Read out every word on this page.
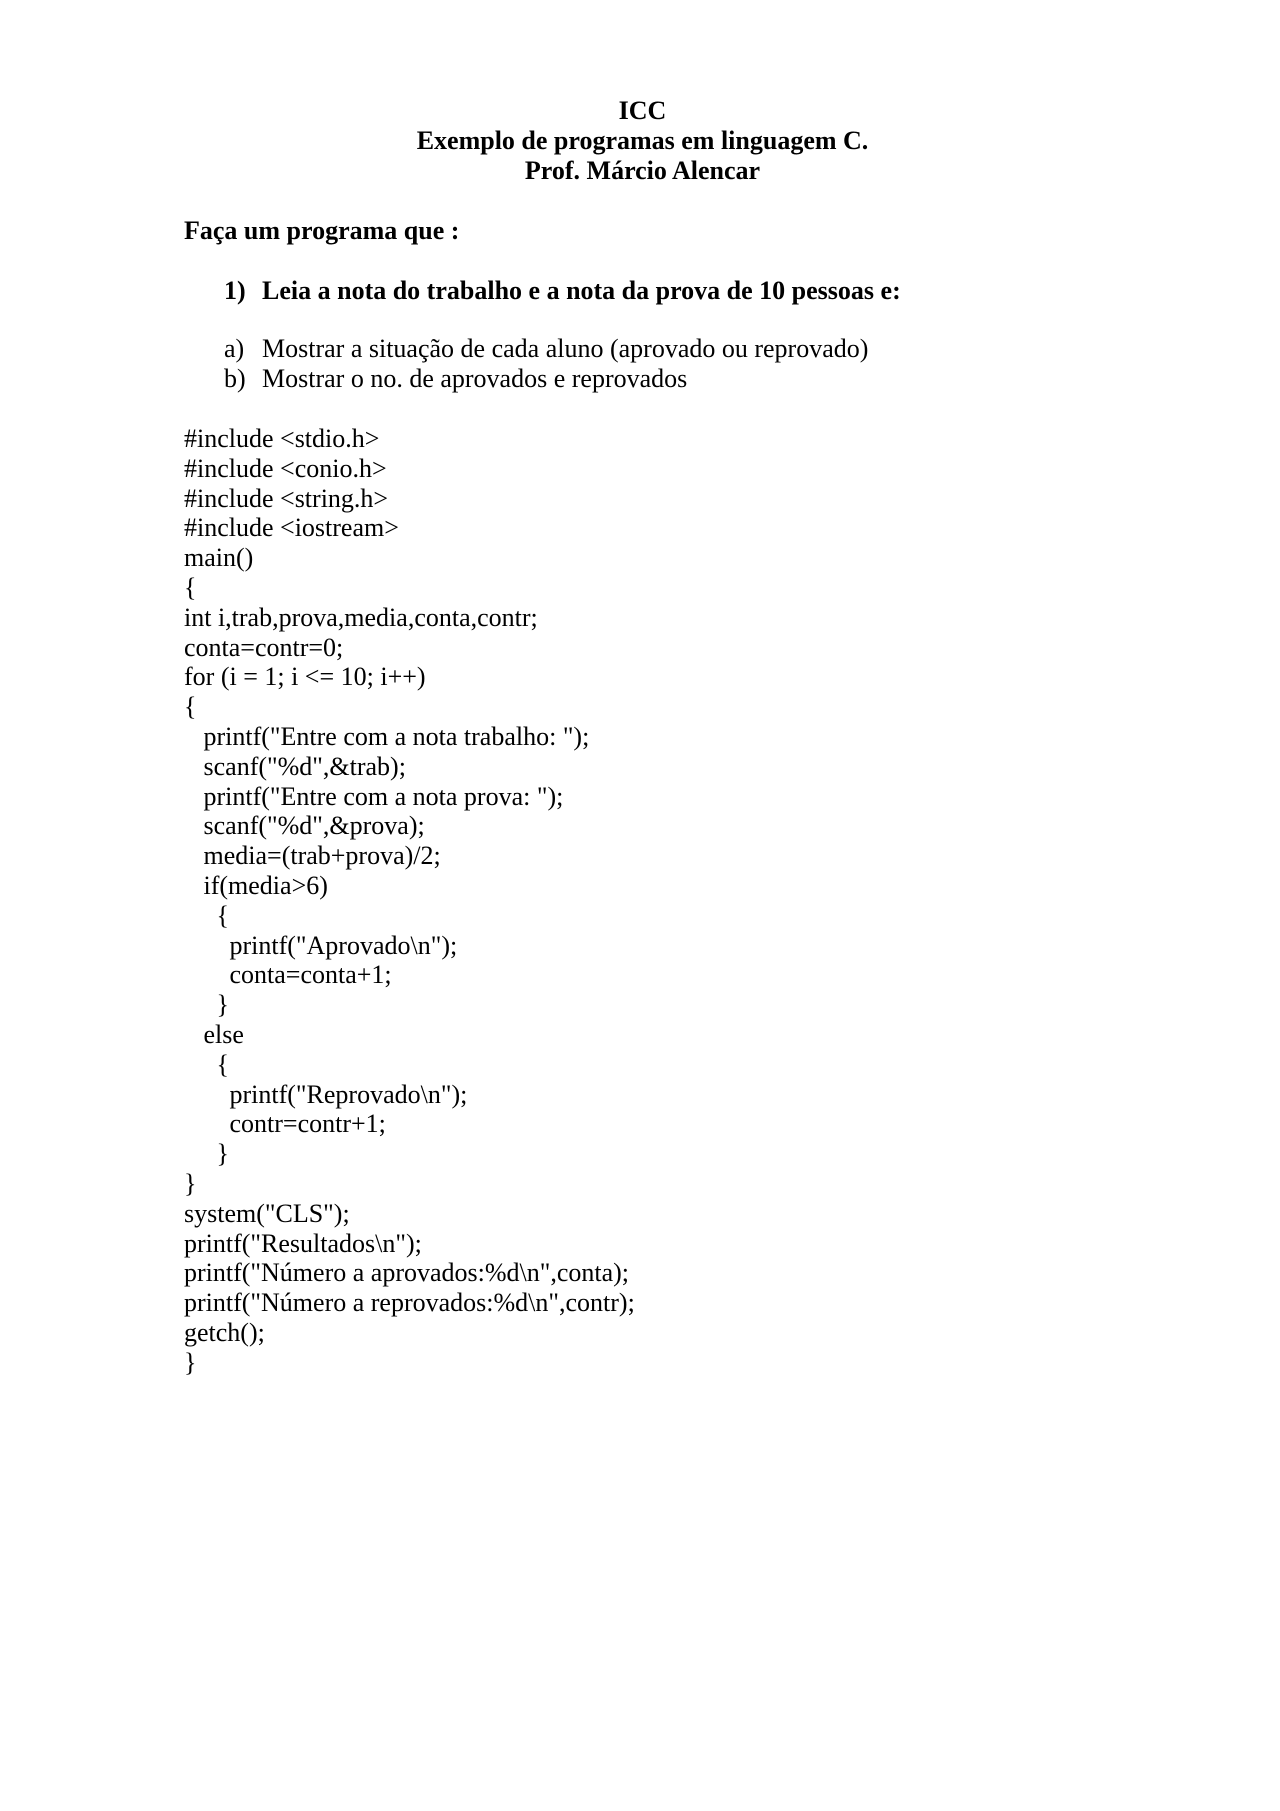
ICC
Exemplo de programas em linguagem C.
Prof. Márcio Alencar
Faça um programa que :
1) Leia a nota do trabalho e a nota da prova de 10 pessoas e:
a) Mostrar a situação de cada aluno (aprovado ou reprovado)
b) Mostrar o no. de aprovados e reprovados
#include <stdio.h>
#include <conio.h>
#include <string.h>
#include <iostream>
main()
{
int i,trab,prova,media,conta,contr;
conta=contr=0;
for (i = 1; i <= 10; i++)
{
printf("Entre com a nota trabalho: ");
scanf("%d",&trab);
printf("Entre com a nota prova: ");
scanf("%d",&prova);
media=(trab+prova)/2;
if(media>6)
{
printf("Aprovado\n");
conta=conta+1;
}
else
{
printf("Reprovado\n");
contr=contr+1;
}
}
system("CLS");
printf("Resultados\n");
printf("Número a aprovados:%d\n",conta);
printf("Número a reprovados:%d\n",contr);
getch();
}
